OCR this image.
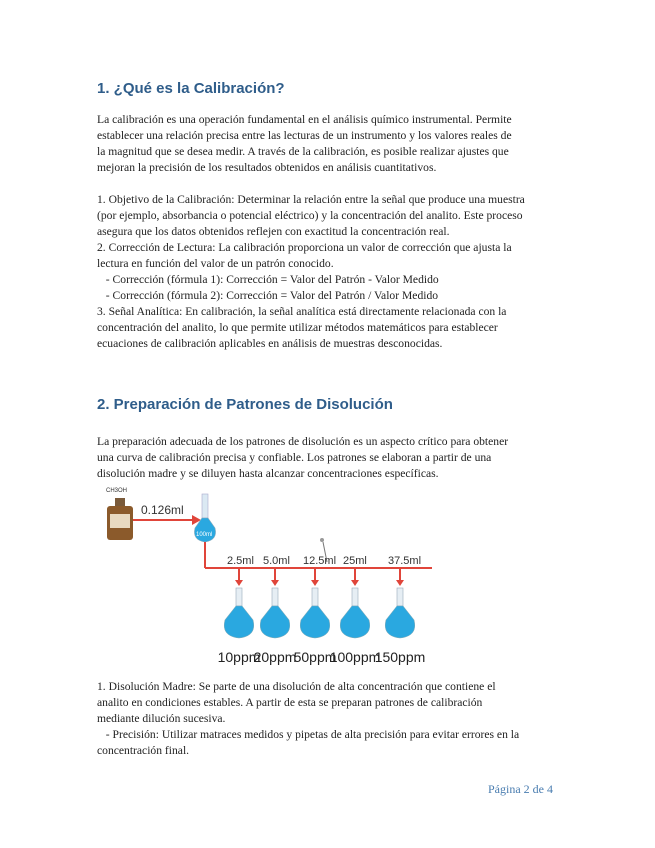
1. ¿Qué es la Calibración?
La calibración es una operación fundamental en el análisis químico instrumental. Permite
establecer una relación precisa entre las lecturas de un instrumento y los valores reales de
la magnitud que se desea medir. A través de la calibración, es posible realizar ajustes que
mejoran la precisión de los resultados obtenidos en análisis cuantitativos.
1. Objetivo de la Calibración: Determinar la relación entre la señal que produce una muestra
(por ejemplo, absorbancia o potencial eléctrico) y la concentración del analito. Este proceso
asegura que los datos obtenidos reflejen con exactitud la concentración real.
2. Corrección de Lectura: La calibración proporciona un valor de corrección que ajusta la
lectura en función del valor de un patrón conocido.
- Corrección (fórmula 1): Corrección = Valor del Patrón - Valor Medido
- Corrección (fórmula 2): Corrección = Valor del Patrón / Valor Medido
3. Señal Analítica: En calibración, la señal analítica está directamente relacionada con la
concentración del analito, lo que permite utilizar métodos matemáticos para establecer
ecuaciones de calibración aplicables en análisis de muestras desconocidas.
2. Preparación de Patrones de Disolución
La preparación adecuada de los patrones de disolución es un aspecto crítico para obtener
una curva de calibración precisa y confiable. Los patrones se elaboran a partir de una
disolución madre y se diluyen hasta alcanzar concentraciones específicas.
CH3OH
0.126ml
100ml
2.5ml 5.0ml 12.5ml 25ml 37.5ml
10ppm
20ppm
50ppm
100ppm
150ppm
1. Disolución Madre: Se parte de una disolución de alta concentración que contiene el
analito en condiciones estables. A partir de esta se preparan patrones de calibración
mediante dilución sucesiva.
- Precisión: Utilizar matraces medidos y pipetas de alta precisión para evitar errores en la
concentración final.
Página 2 de 4
